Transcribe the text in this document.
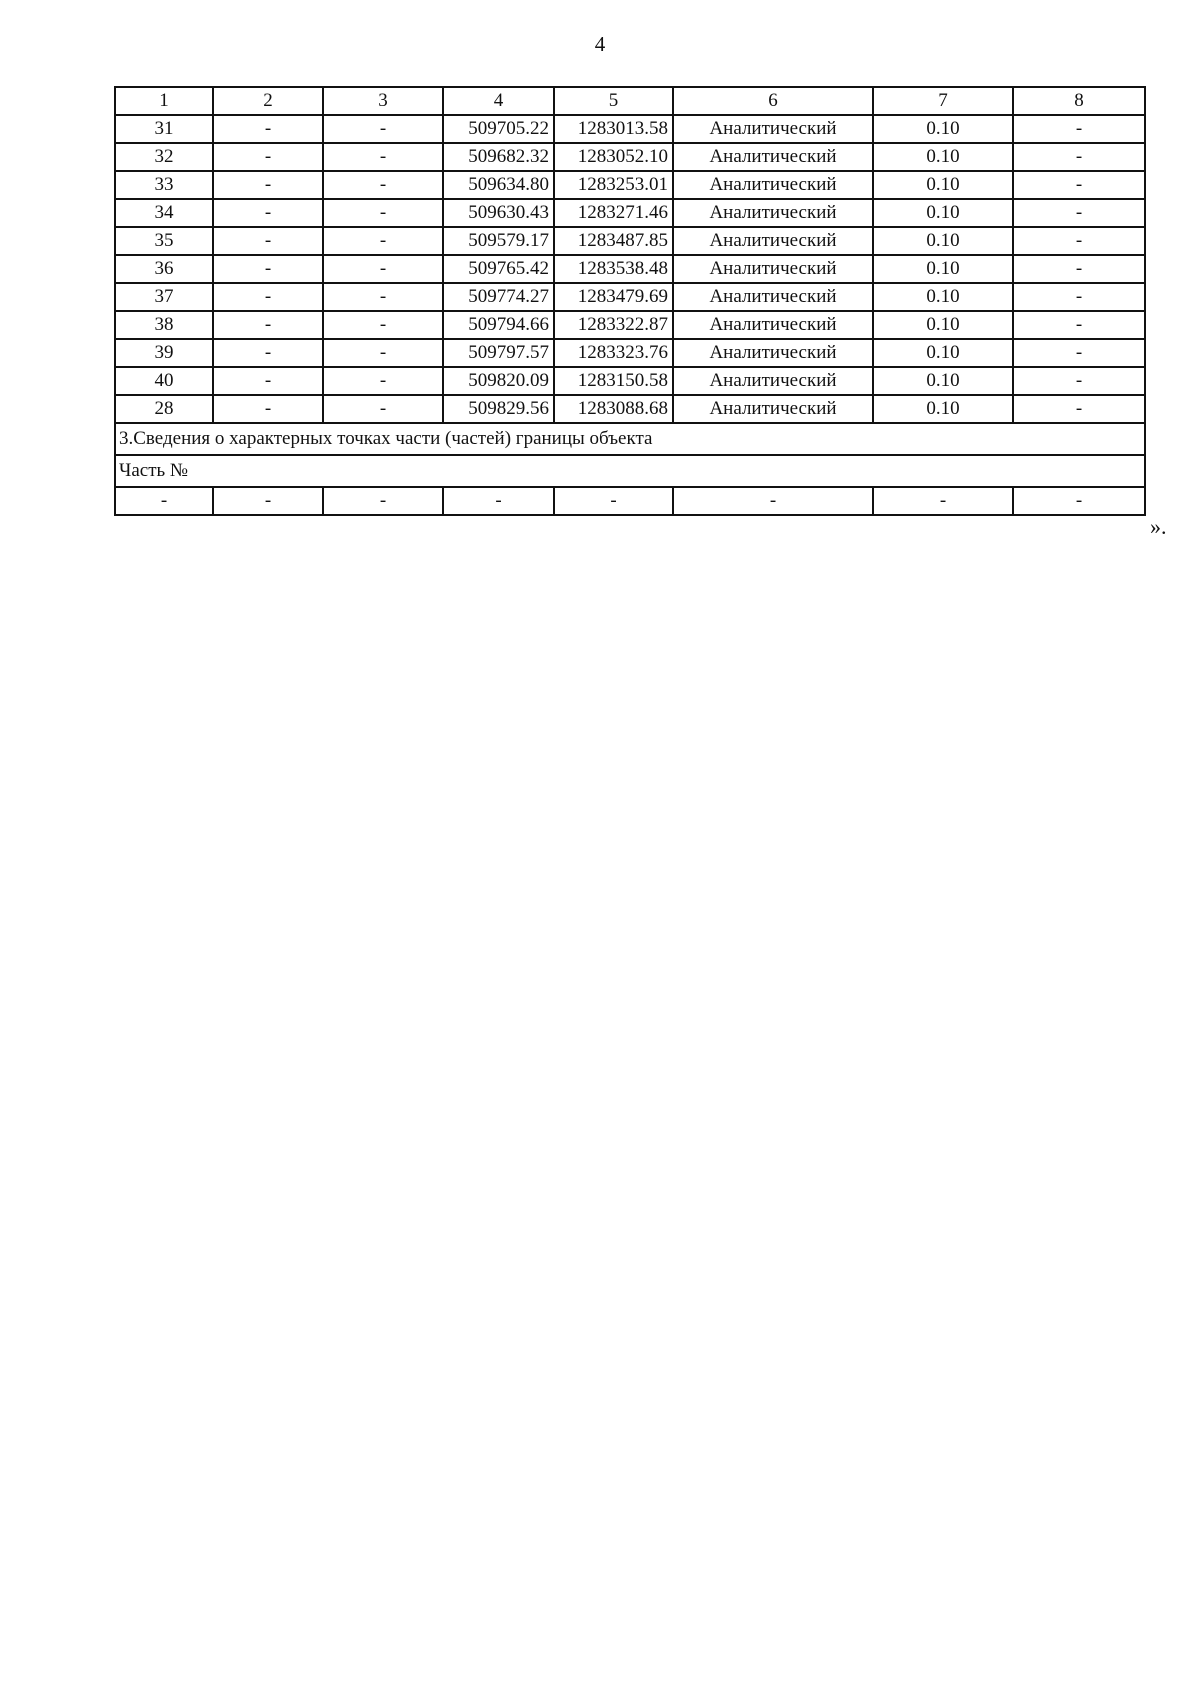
4
1	2	3	4	5	6	7	8
31	-	-	509705.22	1283013.58	Аналитический	0.10	-
32	-	-	509682.32	1283052.10	Аналитический	0.10	-
33	-	-	509634.80	1283253.01	Аналитический	0.10	-
34	-	-	509630.43	1283271.46	Аналитический	0.10	-
35	-	-	509579.17	1283487.85	Аналитический	0.10	-
36	-	-	509765.42	1283538.48	Аналитический	0.10	-
37	-	-	509774.27	1283479.69	Аналитический	0.10	-
38	-	-	509794.66	1283322.87	Аналитический	0.10	-
39	-	-	509797.57	1283323.76	Аналитический	0.10	-
40	-	-	509820.09	1283150.58	Аналитический	0.10	-
28	-	-	509829.56	1283088.68	Аналитический	0.10	-
3.Сведения о характерных точках части (частей) границы объекта							
Часть №							
-	-	-	-	-	-	-	-
».
